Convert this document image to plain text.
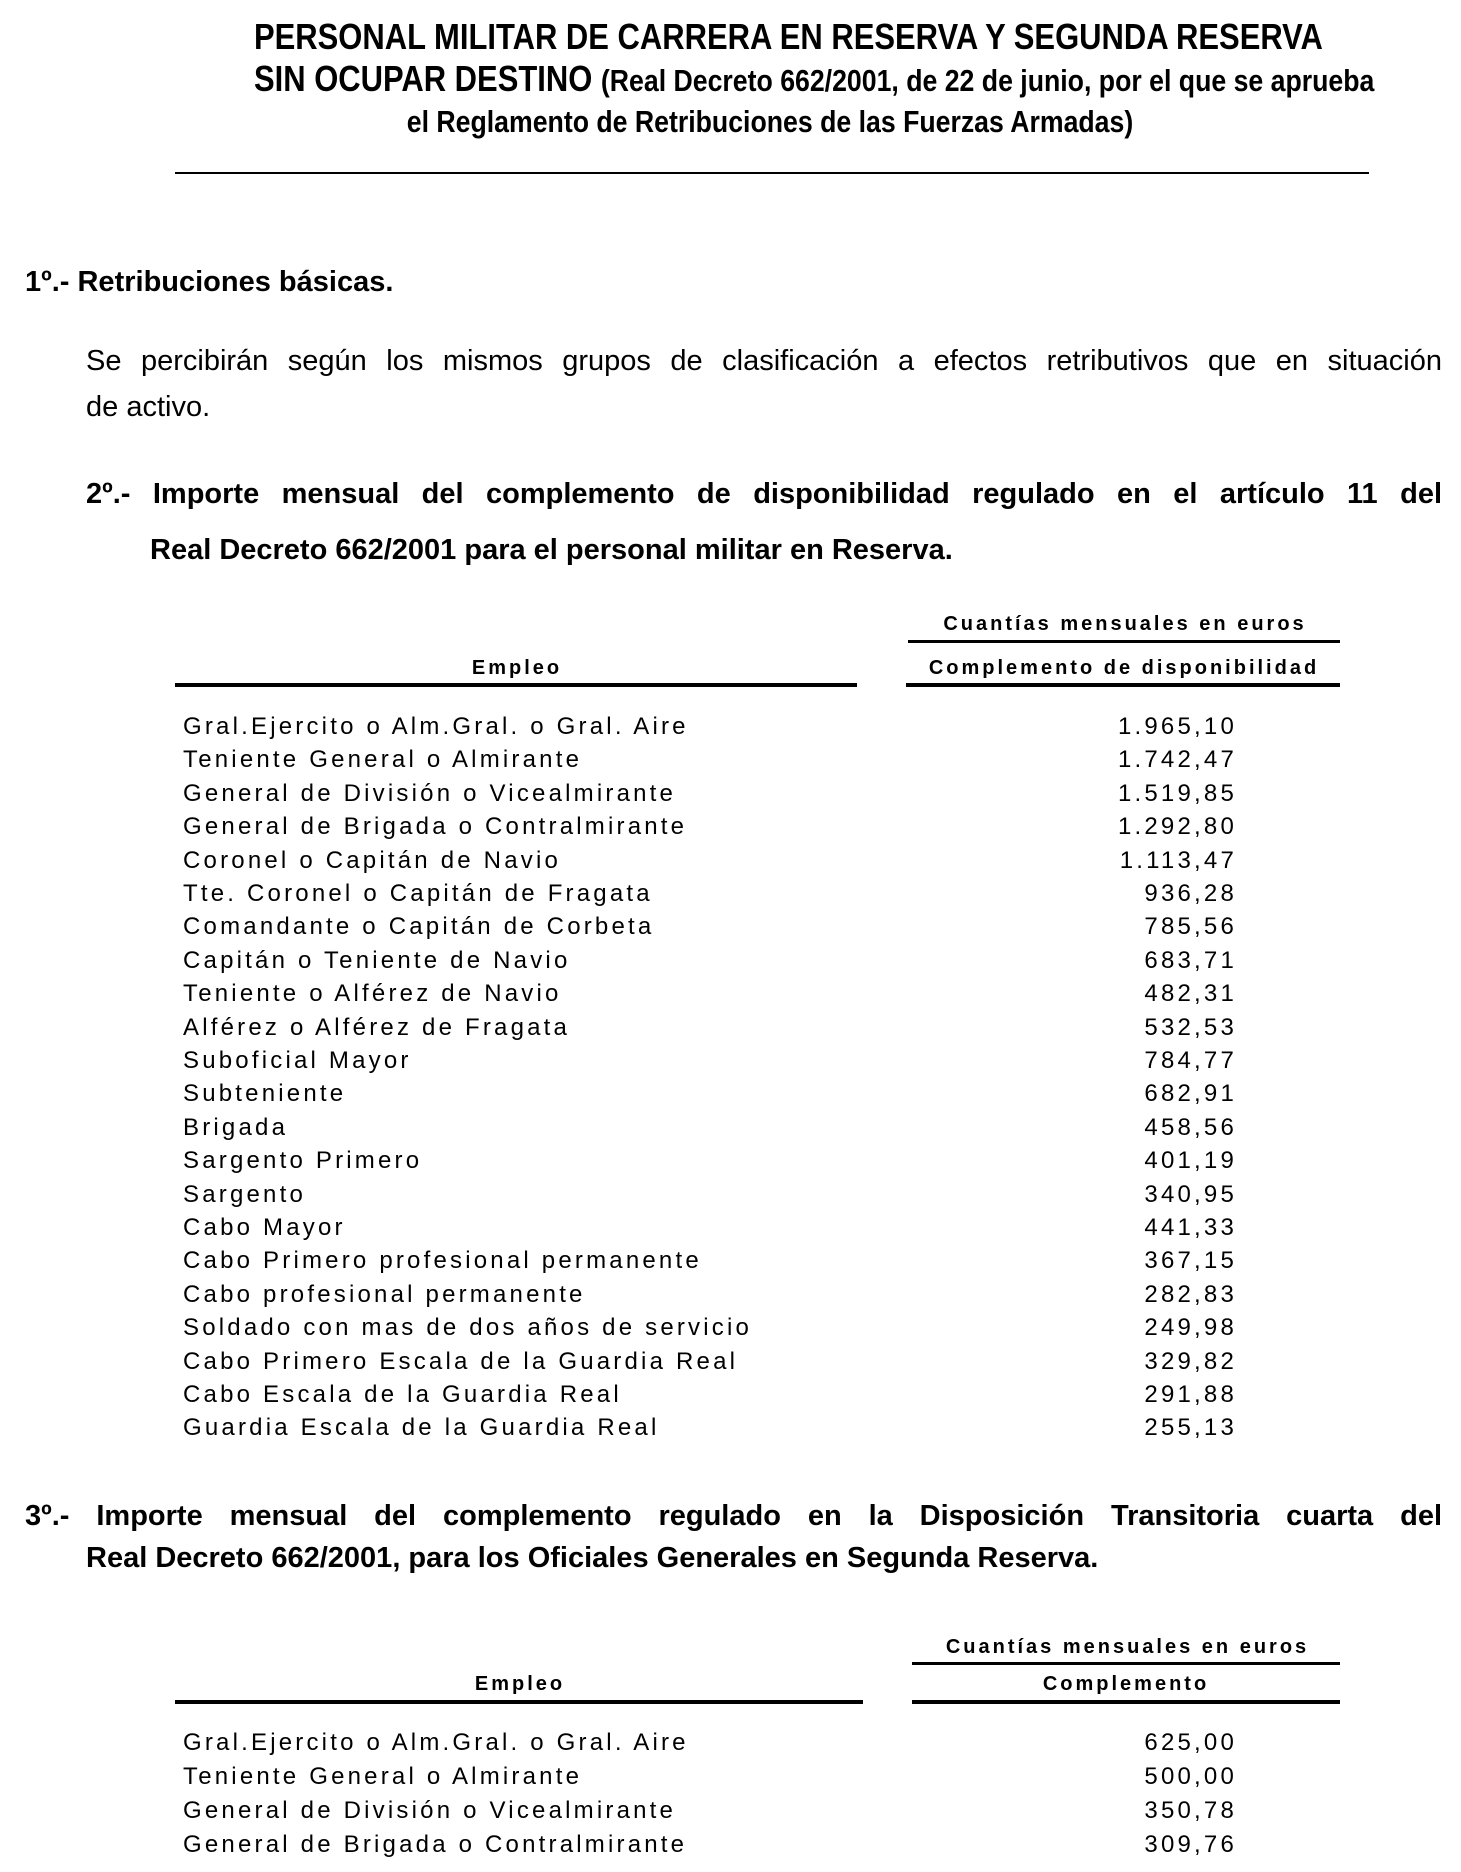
PERSONAL MILITAR DE CARRERA EN RESERVA Y SEGUNDA RESERVA
SIN OCUPAR DESTINO (Real Decreto 662/2001, de 22 de junio, por el que se aprueba
el Reglamento de Retribuciones de las Fuerzas Armadas)
1º.- Retribuciones básicas.
Se percibirán según los mismos grupos de clasificación a efectos retributivos que en situación
de activo.
2º.- Importe mensual del complemento de disponibilidad regulado en el artículo 11 del
Real Decreto 662/2001 para el personal militar en Reserva.
Cuantías mensuales en euros
Empleo	Complemento de disponibilidad
Gral.Ejercito o Alm.Gral. o Gral. Aire	1.965,10
Teniente General o Almirante	1.742,47
General de División o Vicealmirante	1.519,85
General de Brigada o Contralmirante	1.292,80
Coronel o Capitán de Navio	1.113,47
Tte. Coronel o Capitán de Fragata	936,28
Comandante o Capitán de Corbeta	785,56
Capitán o Teniente de Navio	683,71
Teniente o Alférez de Navio	482,31
Alférez o Alférez de Fragata	532,53
Suboficial Mayor	784,77
Subteniente	682,91
Brigada	458,56
Sargento Primero	401,19
Sargento	340,95
Cabo Mayor	441,33
Cabo Primero profesional permanente	367,15
Cabo profesional permanente	282,83
Soldado con mas de dos años de servicio	249,98
Cabo Primero Escala de la Guardia Real	329,82
Cabo Escala de la Guardia Real	291,88
Guardia Escala de la Guardia Real	255,13
3º.- Importe mensual del complemento regulado en la Disposición Transitoria cuarta del
Real Decreto 662/2001, para los Oficiales Generales en Segunda Reserva.
Cuantías mensuales en euros
Empleo	Complemento
Gral.Ejercito o Alm.Gral. o Gral. Aire	625,00
Teniente General o Almirante	500,00
General de División o Vicealmirante	350,78
General de Brigada o Contralmirante	309,76
